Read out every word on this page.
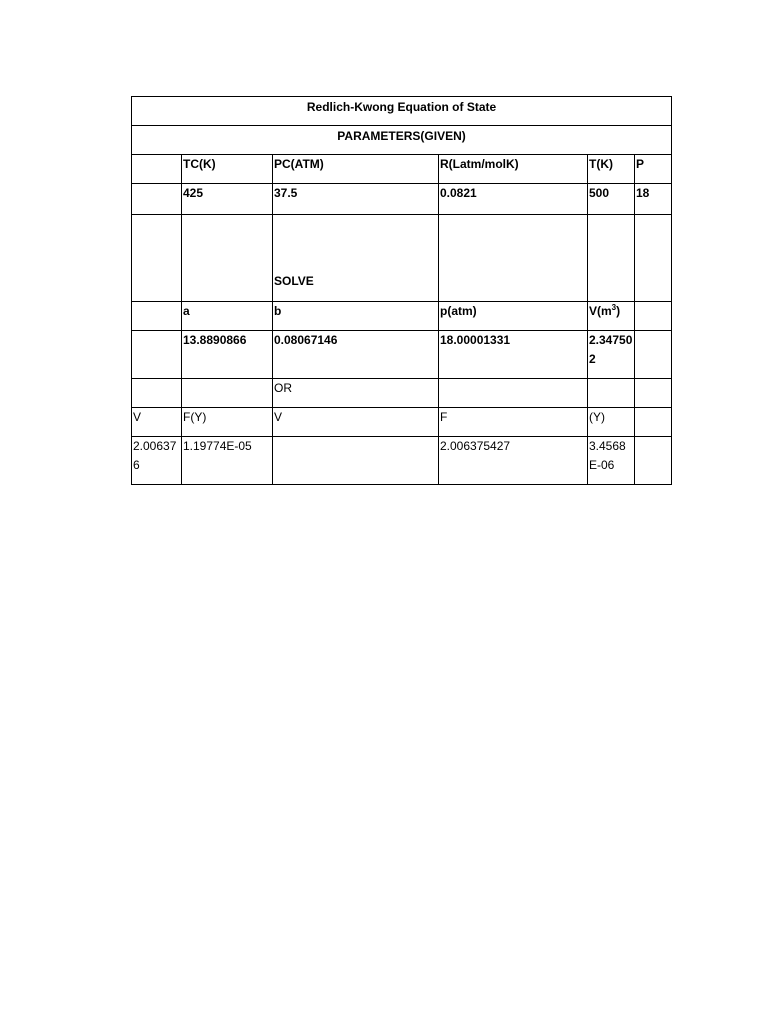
Redlich-Kwong Equation of State					
PARAMETERS(GIVEN)					
	TC(K)	PC(ATM)	R(Latm/molK)	T(K)	P
	425	37.5	0.0821	500	18

		SOLVE			

	a	b	p(atm)	$V(m^3)$	
	13.8890866	0.08067146	18.00001331	2.347502	
		OR			
V	F(Y)	V	F	(Y)	
2.006376	1.19774E-05		2.006375427	3.4568E-06	
